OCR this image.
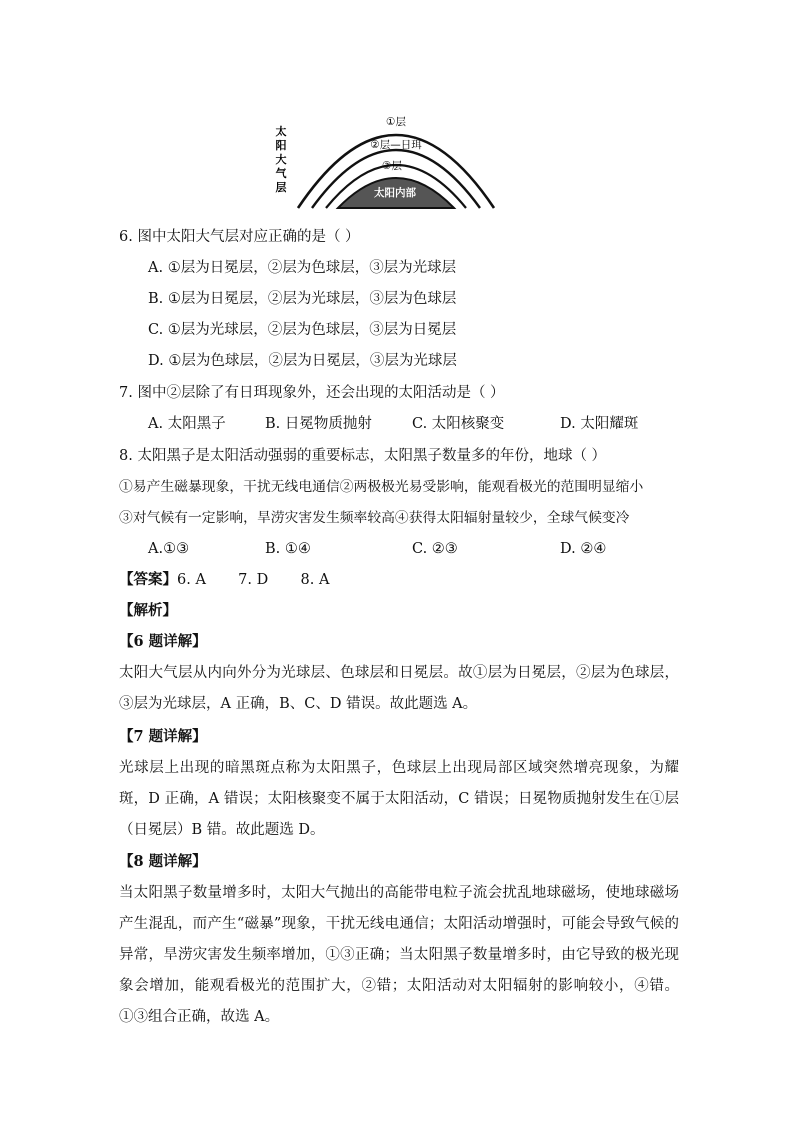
太
阳
大
气
层
①层
②层—日珥
③层
太阳内部
6. 图中太阳大气层对应正确的是（ ）
A. ①层为日冕层，②层为色球层，③层为光球层
B. ①层为日冕层，②层为光球层，③层为色球层
C. ①层为光球层，②层为色球层，③层为日冕层
D. ①层为色球层，②层为日冕层，③层为光球层
7. 图中②层除了有日珥现象外，还会出现的太阳活动是（ ）
A. 太阳黑子	B. 日冕物质抛射	C. 太阳核聚变	D. 太阳耀斑
8. 太阳黑子是太阳活动强弱的重要标志，太阳黑子数量多的年份，地球（ ）
①易产生磁暴现象，干扰无线电通信②两极极光易受影响，能观看极光的范围明显缩小
③对气候有一定影响，旱涝灾害发生频率较高④获得太阳辐射量较少，全球气候变冷
A.①③	B. ①④	C. ②③	D. ②④
【答案】6. A       7. D       8. A
【解析】
【6 题详解】
太阳大气层从内向外分为光球层、色球层和日冕层。故①层为日冕层，②层为色球层，③层为光球层，A 正确，B、C、D 错误。故此题选 A。
【7 题详解】
光球层上出现的暗黑斑点称为太阳黑子，色球层上出现局部区域突然增亮现象，为耀斑，D 正确，A 错误；太阳核聚变不属于太阳活动，C 错误；日冕物质抛射发生在①层（日冕层）B 错。故此题选 D。
【8 题详解】
当太阳黑子数量增多时，太阳大气抛出的高能带电粒子流会扰乱地球磁场，使地球磁场产生混乱，而产生“磁暴”现象，干扰无线电通信；太阳活动增强时，可能会导致气候的异常，旱涝灾害发生频率增加，①③正确；当太阳黑子数量增多时，由它导致的极光现象会增加，能观看极光的范围扩大，②错；太阳活动对太阳辐射的影响较小，④错。①③组合正确，故选 A。
